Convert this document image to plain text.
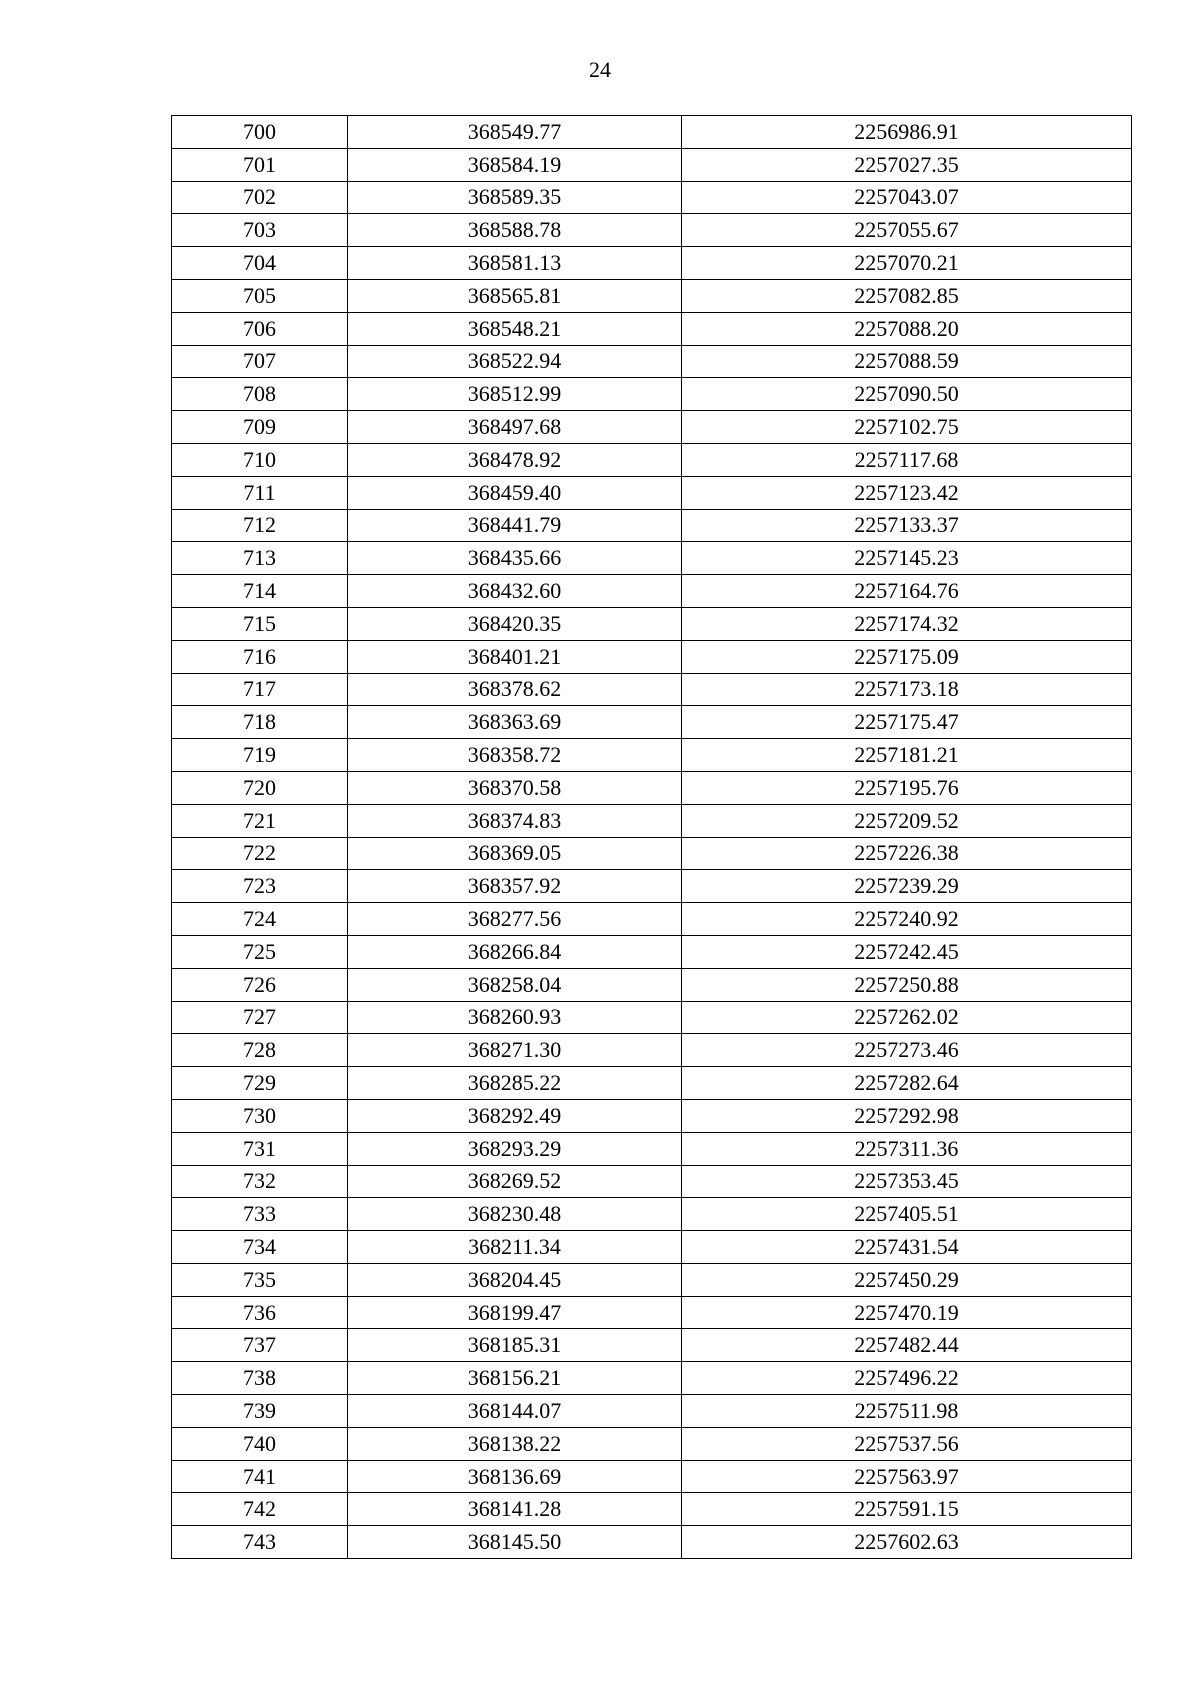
24
700	368549.77	2256986.91
701	368584.19	2257027.35
702	368589.35	2257043.07
703	368588.78	2257055.67
704	368581.13	2257070.21
705	368565.81	2257082.85
706	368548.21	2257088.20
707	368522.94	2257088.59
708	368512.99	2257090.50
709	368497.68	2257102.75
710	368478.92	2257117.68
711	368459.40	2257123.42
712	368441.79	2257133.37
713	368435.66	2257145.23
714	368432.60	2257164.76
715	368420.35	2257174.32
716	368401.21	2257175.09
717	368378.62	2257173.18
718	368363.69	2257175.47
719	368358.72	2257181.21
720	368370.58	2257195.76
721	368374.83	2257209.52
722	368369.05	2257226.38
723	368357.92	2257239.29
724	368277.56	2257240.92
725	368266.84	2257242.45
726	368258.04	2257250.88
727	368260.93	2257262.02
728	368271.30	2257273.46
729	368285.22	2257282.64
730	368292.49	2257292.98
731	368293.29	2257311.36
732	368269.52	2257353.45
733	368230.48	2257405.51
734	368211.34	2257431.54
735	368204.45	2257450.29
736	368199.47	2257470.19
737	368185.31	2257482.44
738	368156.21	2257496.22
739	368144.07	2257511.98
740	368138.22	2257537.56
741	368136.69	2257563.97
742	368141.28	2257591.15
743	368145.50	2257602.63
